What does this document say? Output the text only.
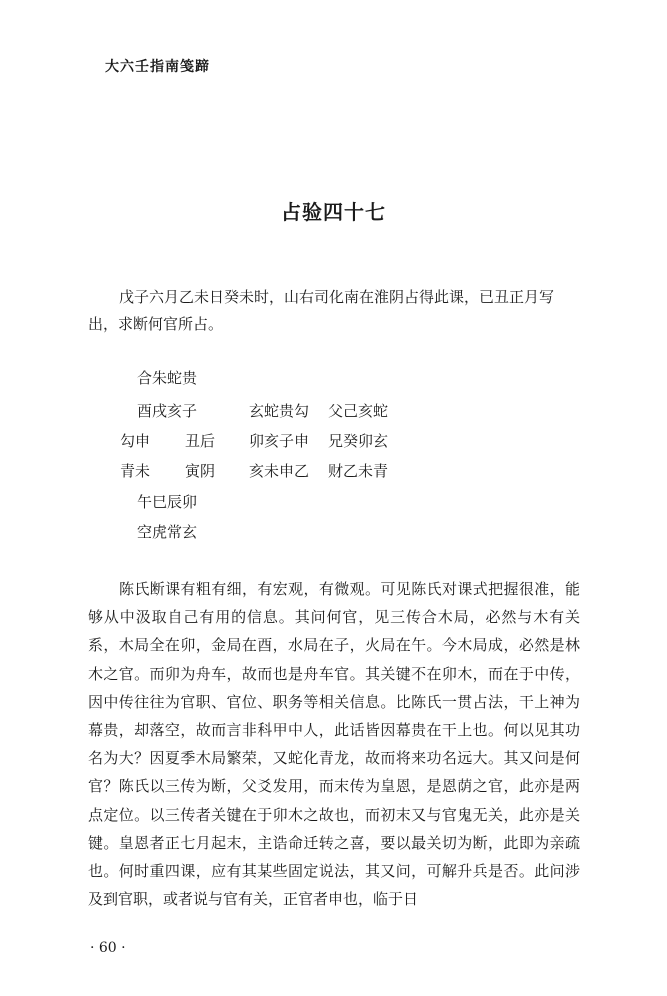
大六壬指南笺蹄
占验四十七

戊子六月乙未日癸未时，山右司化南在淮阴占得此课，已丑正月写出，求断何官所占。

合朱蛇贵
酉戌亥子	玄蛇贵勾 父己亥蛇
勾申 丑后 卯亥子申 兄癸卯玄
青未 寅阴 亥未申乙 财乙未青
午巳辰卯
空虎常玄

陈氏断课有粗有细，有宏观，有微观。可见陈氏对课式把握很准，能够从中汲取自己有用的信息。其问何官，见三传合木局，必然与木有关系，木局全在卯，金局在酉，水局在子，火局在午。今木局成，必然是林木之官。而卯为舟车，故而也是舟车官。其关键不在卯木，而在于中传，因中传往往为官职、官位、职务等相关信息。比陈氏一贯占法，干上神为幕贵，却落空，故而言非科甲中人，此话皆因幕贵在干上也。何以见其功名为大？因夏季木局繁荣，又蛇化青龙，故而将来功名远大。其又问是何官？陈氏以三传为断，父爻发用，而末传为皇恩，是恩荫之官，此亦是两点定位。以三传者关键在于卯木之故也，而初末又与官鬼无关，此亦是关键。皇恩者正七月起末，主诰命迁转之喜，要以最关切为断，此即为亲疏也。何时重四课，应有其某些固定说法，其又问，可解升兵是否。此问涉及到官职，或者说与官有关，正官者申也，临于日

· 60 ·
